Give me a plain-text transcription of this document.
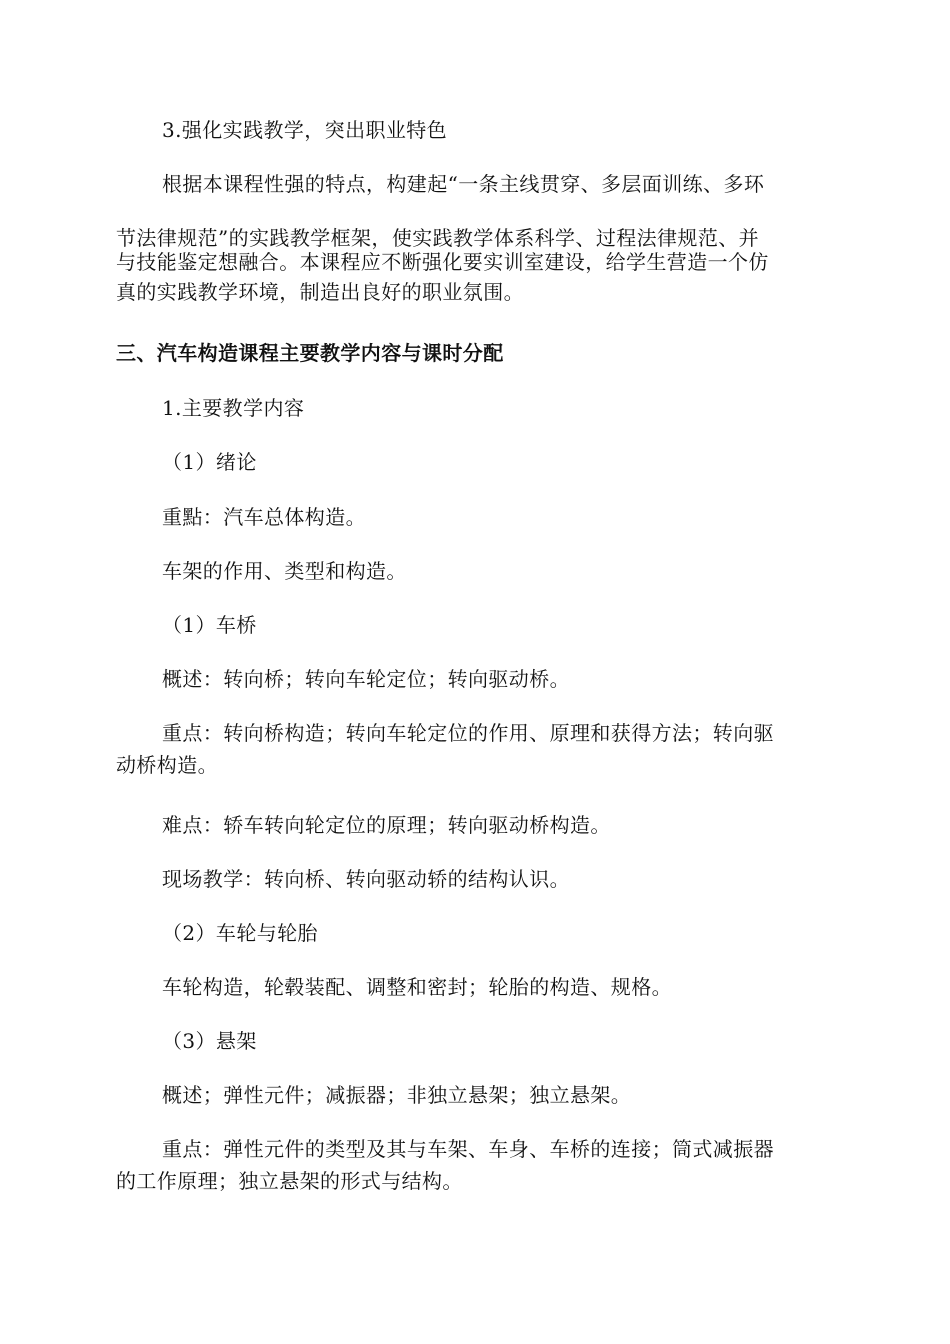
3.强化实践教学，突出职业特色
根据本课程性强的特点，构建起“一条主线贯穿、多层面训练、多环
节法律规范”的实践教学框架，使实践教学体系科学、过程法律规范、并
与技能鉴定想融合。本课程应不断强化要实训室建设，给学生营造一个仿
真的实践教学环境，制造出良好的职业氛围。
三、汽车构造课程主要教学内容与课时分配
1.主要教学内容
（1）绪论
重點：汽车总体构造。
车架的作用、类型和构造。
（1）车桥
概述：转向桥；转向车轮定位；转向驱动桥。
重点：转向桥构造；转向车轮定位的作用、原理和获得方法；转向驱
动桥构造。
难点：轿车转向轮定位的原理；转向驱动桥构造。
现场教学：转向桥、转向驱动轿的结构认识。
（2）车轮与轮胎
车轮构造，轮毂装配、调整和密封；轮胎的构造、规格。
（3）悬架
概述；弹性元件；减振器；非独立悬架；独立悬架。
重点：弹性元件的类型及其与车架、车身、车桥的连接；筒式减振器
的工作原理；独立悬架的形式与结构。
